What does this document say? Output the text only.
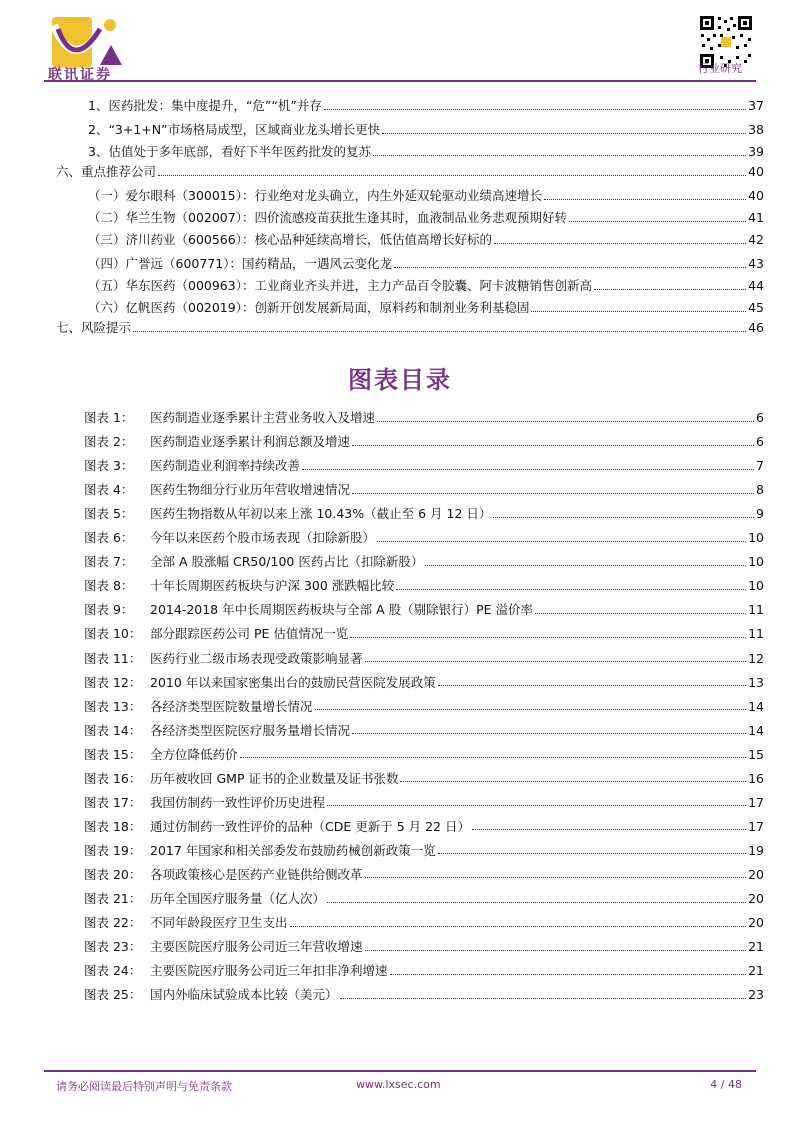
联讯证券	行业研究
1、医药批发：集中度提升，“危”“机”并存	37
2、“3+1+N”市场格局成型，区域商业龙头增长更快	38
3、估值处于多年底部，看好下半年医药批发的复苏	39
六、重点推荐公司	40
（一）爱尔眼科（300015）：行业绝对龙头确立，内生外延双轮驱动业绩高速增长	40
（二）华兰生物（002007）：四价流感疫苗获批生逢其时，血液制品业务悲观预期好转	41
（三）济川药业（600566）：核心品种延续高增长，低估值高增长好标的	42
（四）广誉远（600771）：国药精品，一遇风云变化龙	43
（五）华东医药（000963）：工业商业齐头并进，主力产品百令胶囊、阿卡波糖销售创新高	44
（六）亿帆医药（002019）：创新开创发展新局面，原料药和制剂业务利基稳固	45
七、风险提示	46
图表目录
图表 1：	医药制造业逐季累计主营业务收入及增速	6
图表 2：	医药制造业逐季累计利润总额及增速	6
图表 3：	医药制造业利润率持续改善	7
图表 4：	医药生物细分行业历年营收增速情况	8
图表 5：	医药生物指数从年初以来上涨 10.43%（截止至 6 月 12 日）	9
图表 6：	今年以来医药个股市场表现（扣除新股）	10
图表 7：	全部 A 股涨幅 CR50/100 医药占比（扣除新股）	10
图表 8：	十年长周期医药板块与沪深 300 涨跌幅比较	10
图表 9：	2014-2018 年中长周期医药板块与全部 A 股（剔除银行）PE 溢价率	11
图表 10： 部分跟踪医药公司 PE 估值情况一览	11
图表 11： 医药行业二级市场表现受政策影响显著	12
图表 12： 2010 年以来国家密集出台的鼓励民营医院发展政策	13
图表 13： 各经济类型医院数量增长情况	14
图表 14： 各经济类型医院医疗服务量增长情况	14
图表 15： 全方位降低药价	15
图表 16： 历年被收回 GMP 证书的企业数量及证书张数	16
图表 17： 我国仿制药一致性评价历史进程	17
图表 18： 通过仿制药一致性评价的品种（CDE 更新于 5 月 22 日）	17
图表 19： 2017 年国家和相关部委发布鼓励药械创新政策一览	19
图表 20： 各项政策核心是医药产业链供给侧改革	20
图表 21： 历年全国医疗服务量（亿人次）	20
图表 22： 不同年龄段医疗卫生支出	20
图表 23： 主要医院医疗服务公司近三年营收增速	21
图表 24： 主要医院医疗服务公司近三年扣非净利增速	21
图表 25： 国内外临床试验成本比较（美元）	23
请务必阅读最后特别声明与免责条款	www.lxsec.com	4 / 48
